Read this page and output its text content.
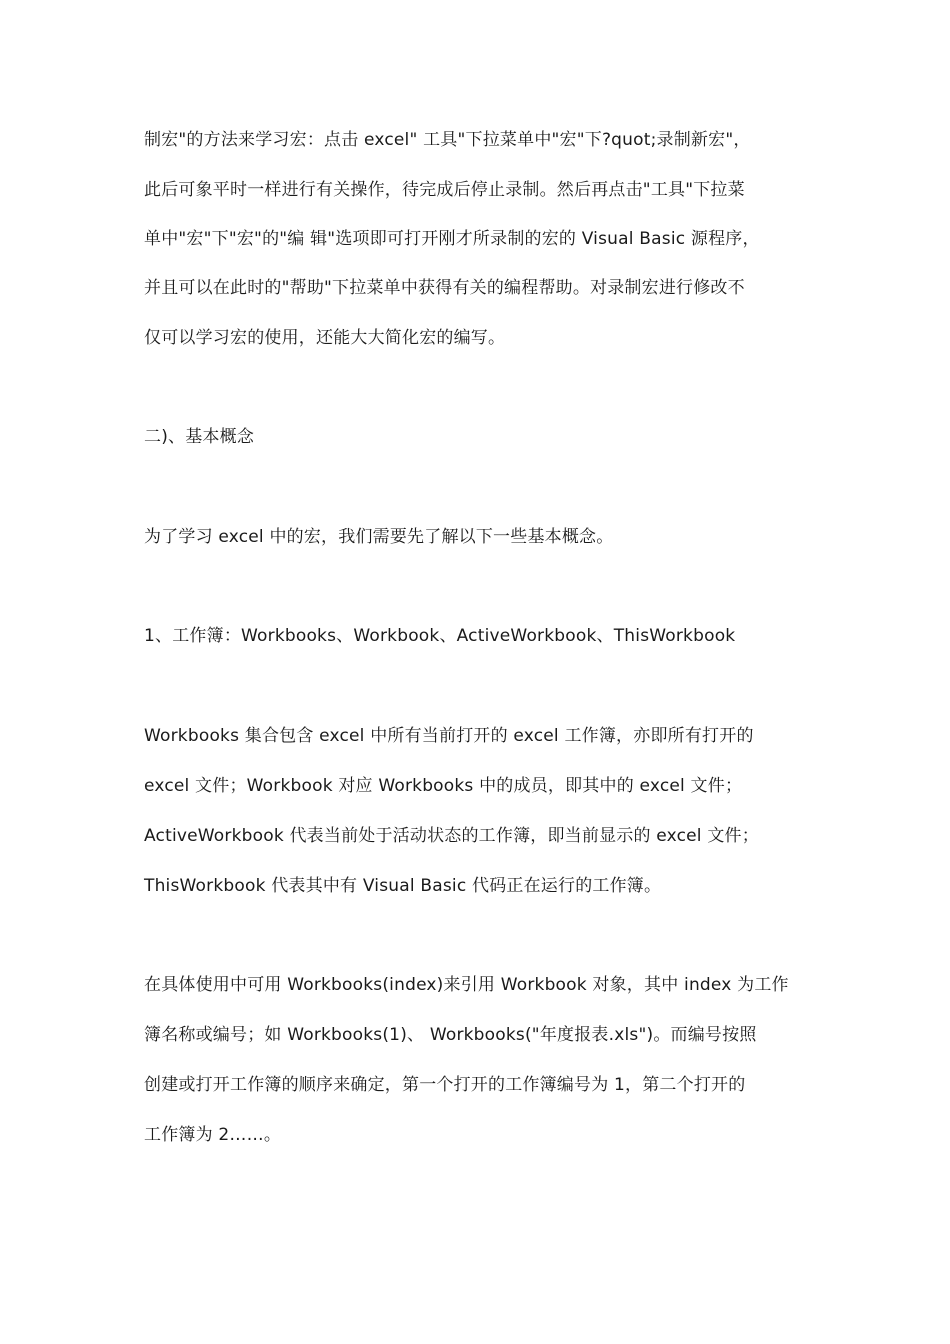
制宏"的方法来学习宏：点击 excel" 工具"下拉菜单中"宏"下?quot;录制新宏"，
此后可象平时一样进行有关操作，待完成后停止录制。然后再点击"工具"下拉菜
单中"宏"下"宏"的"编 辑"选项即可打开刚才所录制的宏的 Visual Basic 源程序，
并且可以在此时的"帮助"下拉菜单中获得有关的编程帮助。对录制宏进行修改不
仅可以学习宏的使用，还能大大简化宏的编写。
二)、基本概念
为了学习 excel 中的宏，我们需要先了解以下一些基本概念。
1、工作簿：Workbooks、Workbook、ActiveWorkbook、ThisWorkbook
Workbooks 集合包含 excel 中所有当前打开的 excel 工作簿，亦即所有打开的
excel 文件；Workbook 对应 Workbooks 中的成员，即其中的 excel 文件；
ActiveWorkbook 代表当前处于活动状态的工作簿，即当前显示的 excel 文件；
ThisWorkbook 代表其中有 Visual Basic 代码正在运行的工作簿。
在具体使用中可用 Workbooks(index)来引用 Workbook 对象，其中 index 为工作
簿名称或编号；如 Workbooks(1)、 Workbooks("年度报表.xls")。而编号按照
创建或打开工作簿的顺序来确定，第一个打开的工作簿编号为 1，第二个打开的
工作簿为 2……。
